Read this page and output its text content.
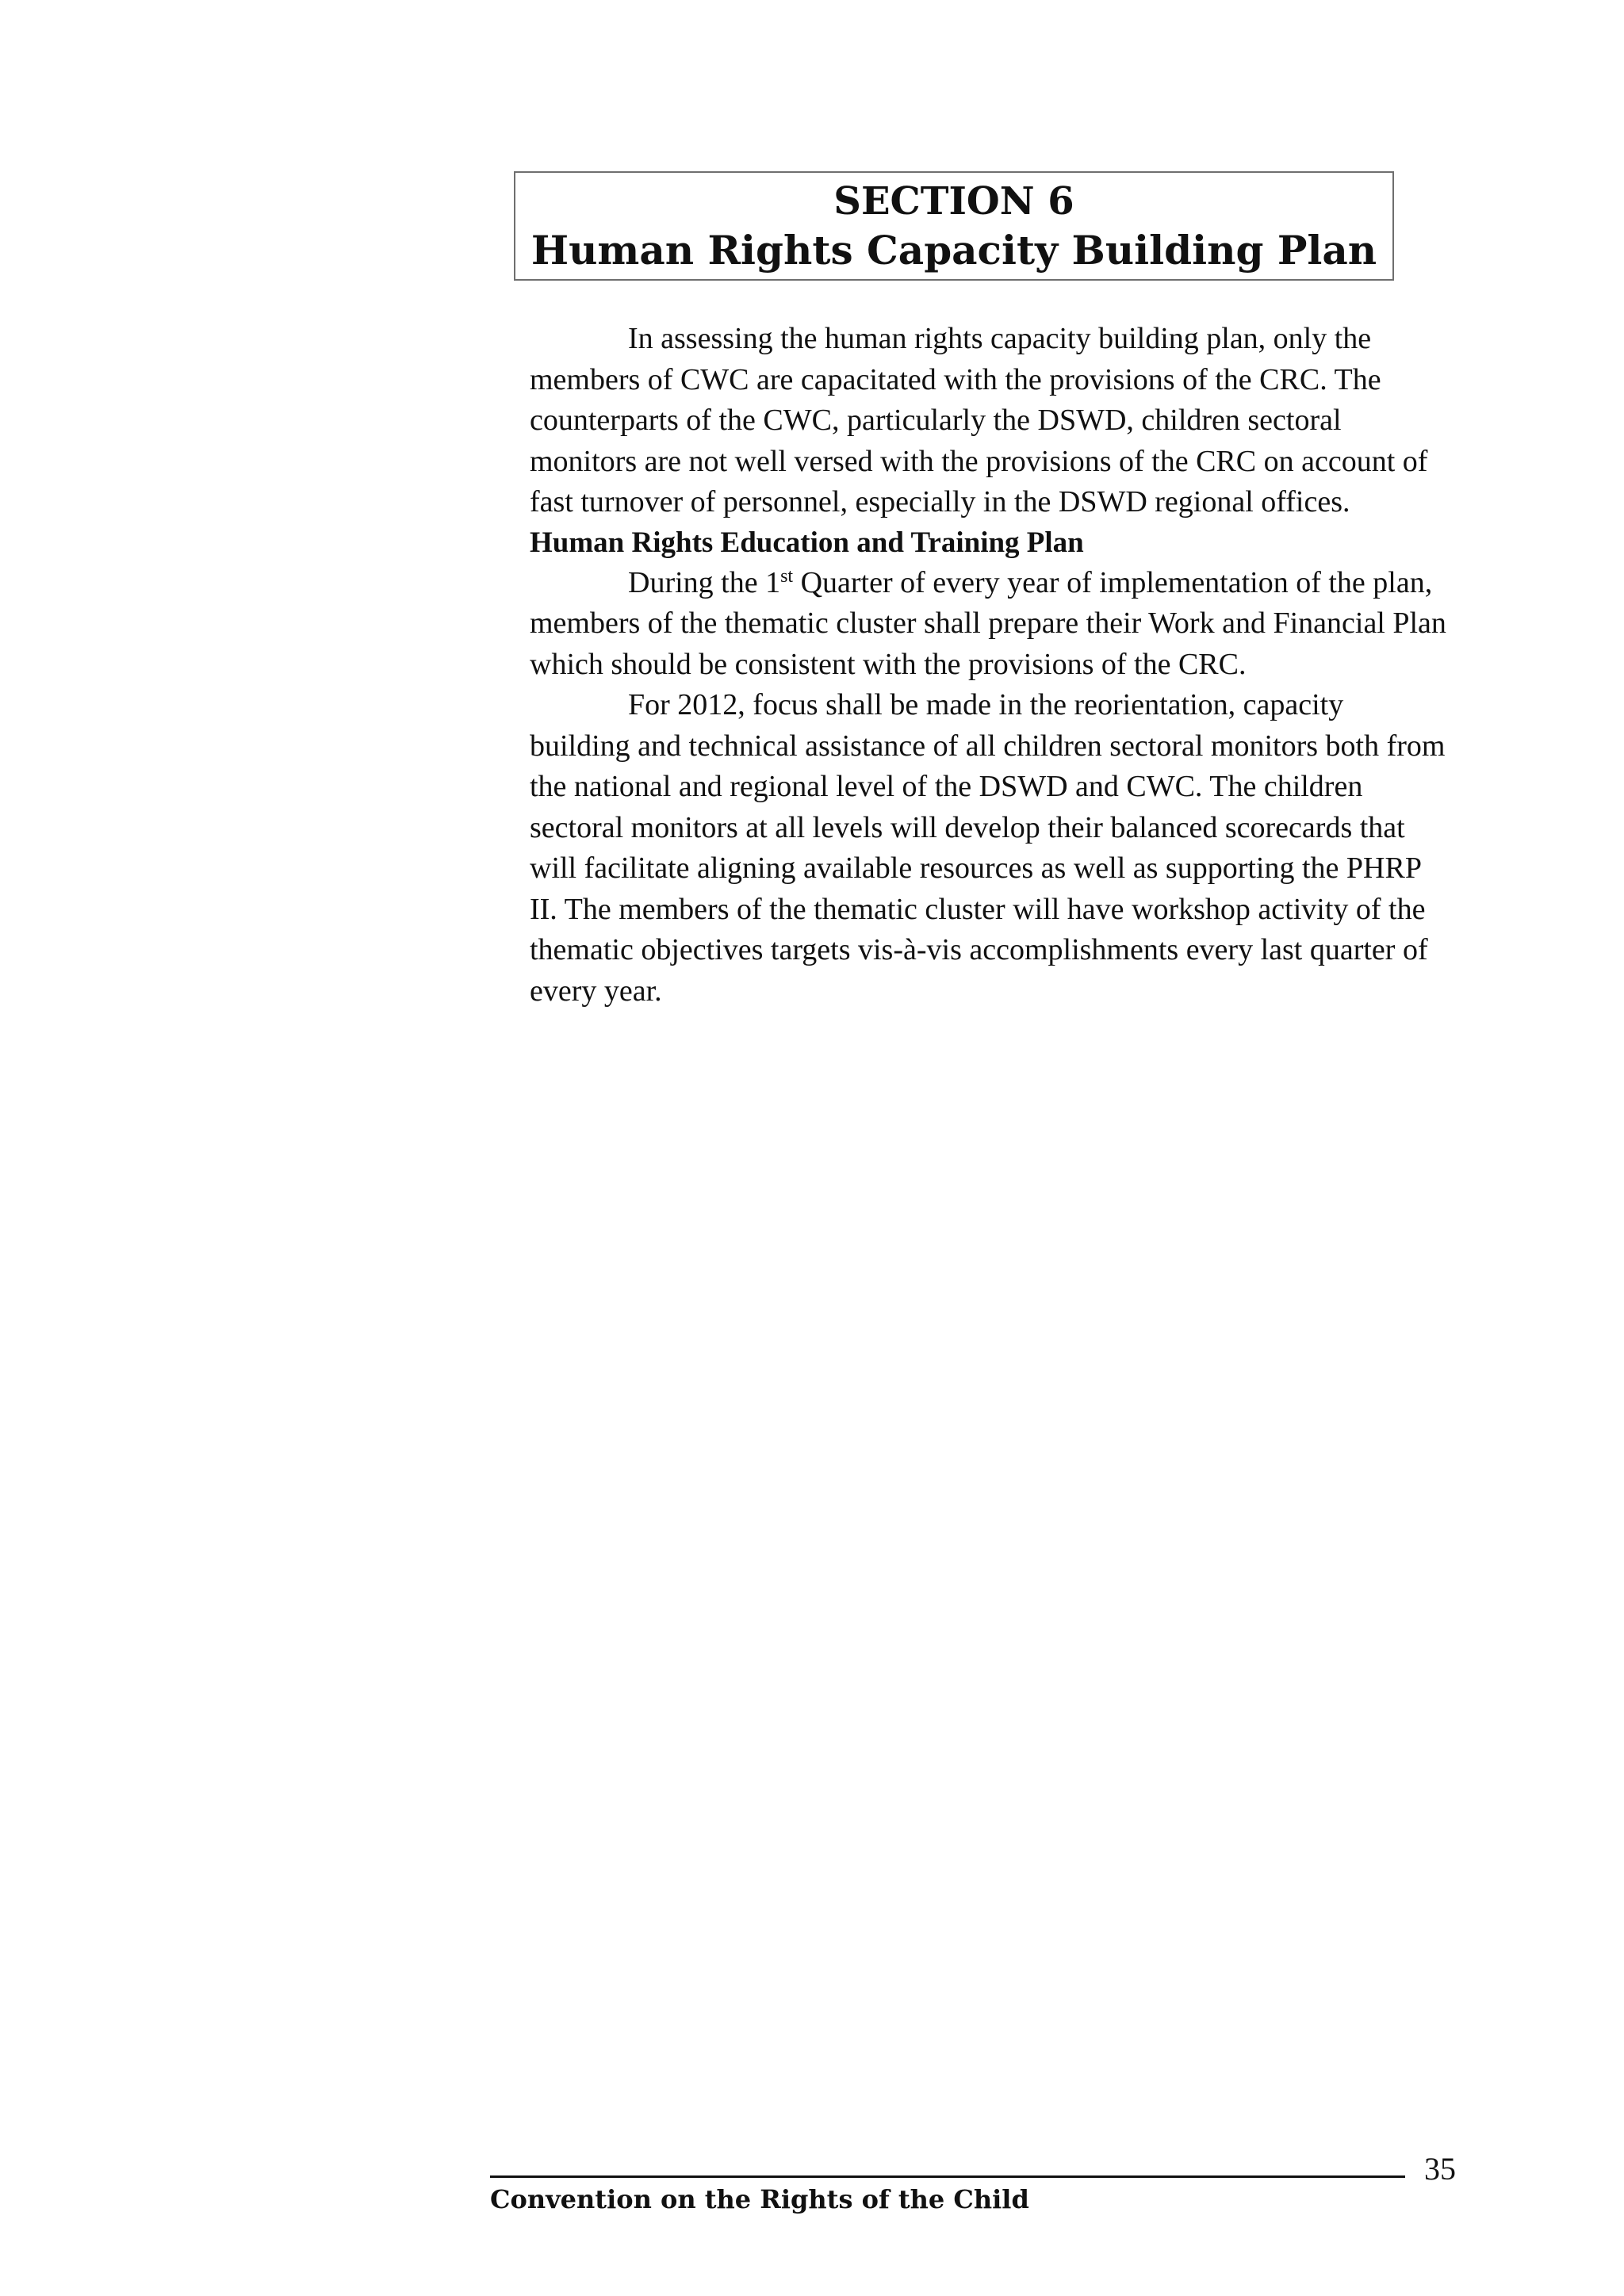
SECTION 6
Human Rights Capacity Building Plan

In assessing the human rights capacity building plan, only the members of CWC are capacitated with the provisions of the CRC. The counterparts of the CWC, particularly the DSWD, children sectoral monitors are not well versed with the provisions of the CRC on account of fast turnover of personnel, especially in the DSWD regional offices.

Human Rights Education and Training Plan

During the 1st Quarter of every year of implementation of the plan, members of the thematic cluster shall prepare their Work and Financial Plan which should be consistent with the provisions of the CRC.

For 2012, focus shall be made in the reorientation, capacity building and technical assistance of all children sectoral monitors both from the national and regional level of the DSWD and CWC. The children sectoral monitors at all levels will develop their balanced scorecards that will facilitate aligning available resources as well as supporting the PHRP II. The members of the thematic cluster will have workshop activity of the thematic objectives targets vis-à-vis accomplishments every last quarter of every year.

35
Convention on the Rights of the Child
